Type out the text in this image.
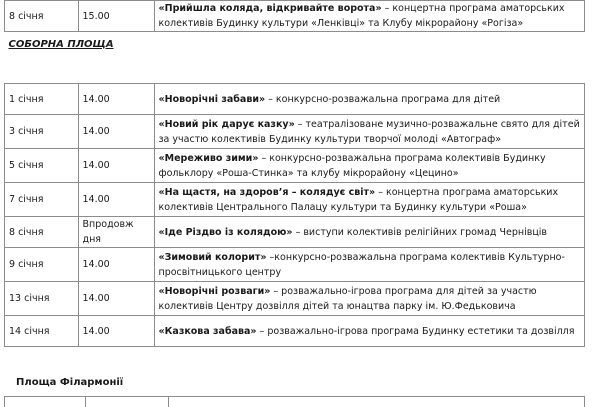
8 січня	15.00	«Прийшла коляда, відкривайте ворота» – концертна програма аматорських колективів Будинку культури «Ленківці» та Клубу мікрорайону «Рогіза»
СОБОРНА ПЛОЩА		
1 січня	14.00	«Новорічні забави» – конкурсно-розважальна програма для дітей
3 січня	14.00	«Новий рік дарує казку» – театралізоване музично-розважальне свято для дітей за участю колективів Будинку культури творчої молоді «Автограф»
5 січня	14.00	«Мереживо зими» – конкурсно-розважальна програма колективів Будинку фольклору «Роша-Стинка» та клубу мікрорайону «Цецино»
7 січня	14.00	«На щастя, на здоров’я – колядує світ» – концертна програма аматорських колективів Центрального Палацу культури та Будинку культури «Роша»
8 січня	Впродовж дня	«Іде Різдво із колядою» – виступи колективів релігійних громад Чернівців
9 січня	14.00	«Зимовий колорит» –конкурсно-розважальна програма колективів Культурно-просвітницького центру
13 січня	14.00	«Новорічні розваги» – розважально-ігрова програма для дітей за участю колективів Центру дозвілля дітей та юнацтва парку ім. Ю.Федьковича
14 січня	14.00	«Казкова забава» – розважально-ігрова програма Будинку естетики та дозвілля
Площа Філармонії
